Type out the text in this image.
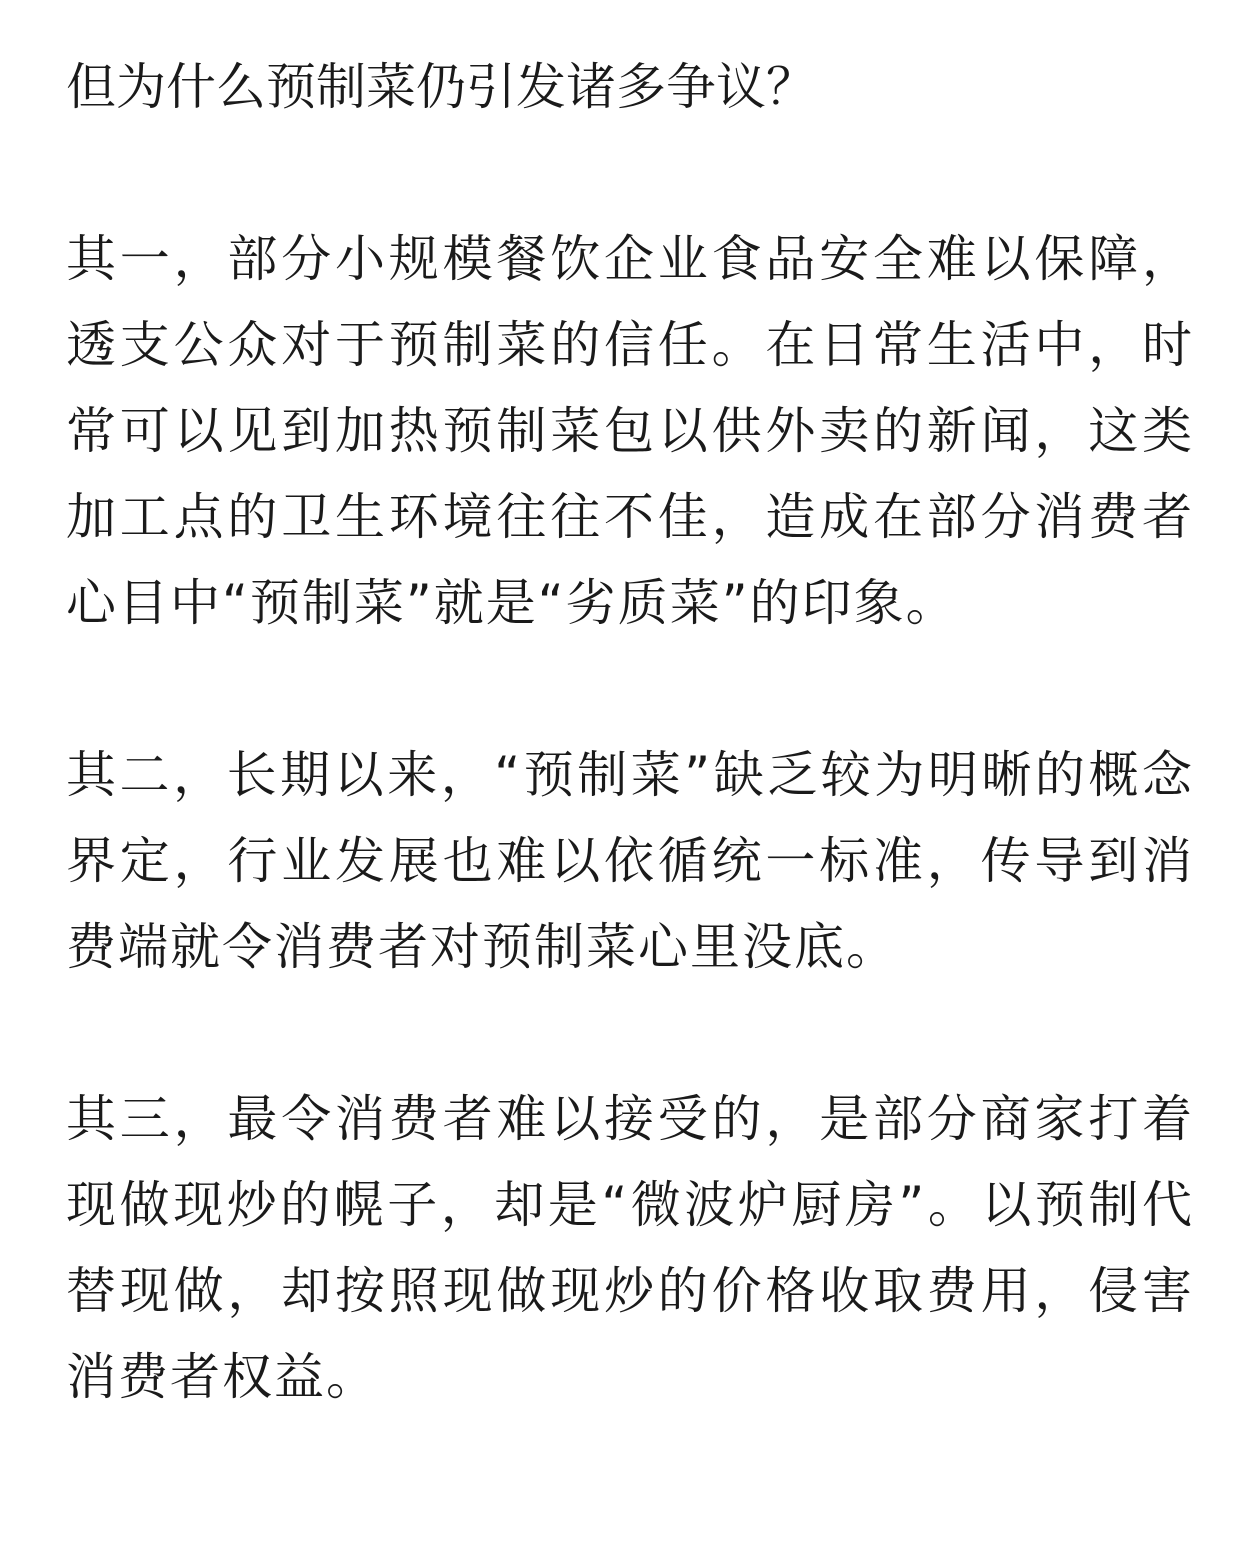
但为什么预制菜仍引发诸多争议？

其一，部分小规模餐饮企业食品安全难以保障，透支公众对于预制菜的信任。在日常生活中，时常可以见到加热预制菜包以供外卖的新闻，这类加工点的卫生环境往往不佳，造成在部分消费者心目中“预制菜”就是“劣质菜”的印象。

其二，长期以来，“预制菜”缺乏较为明晰的概念界定，行业发展也难以依循统一标准，传导到消费端就令消费者对预制菜心里没底。

其三，最令消费者难以接受的，是部分商家打着现做现炒的幌子，却是“微波炉厨房”。以预制代替现做，却按照现做现炒的价格收取费用，侵害消费者权益。
